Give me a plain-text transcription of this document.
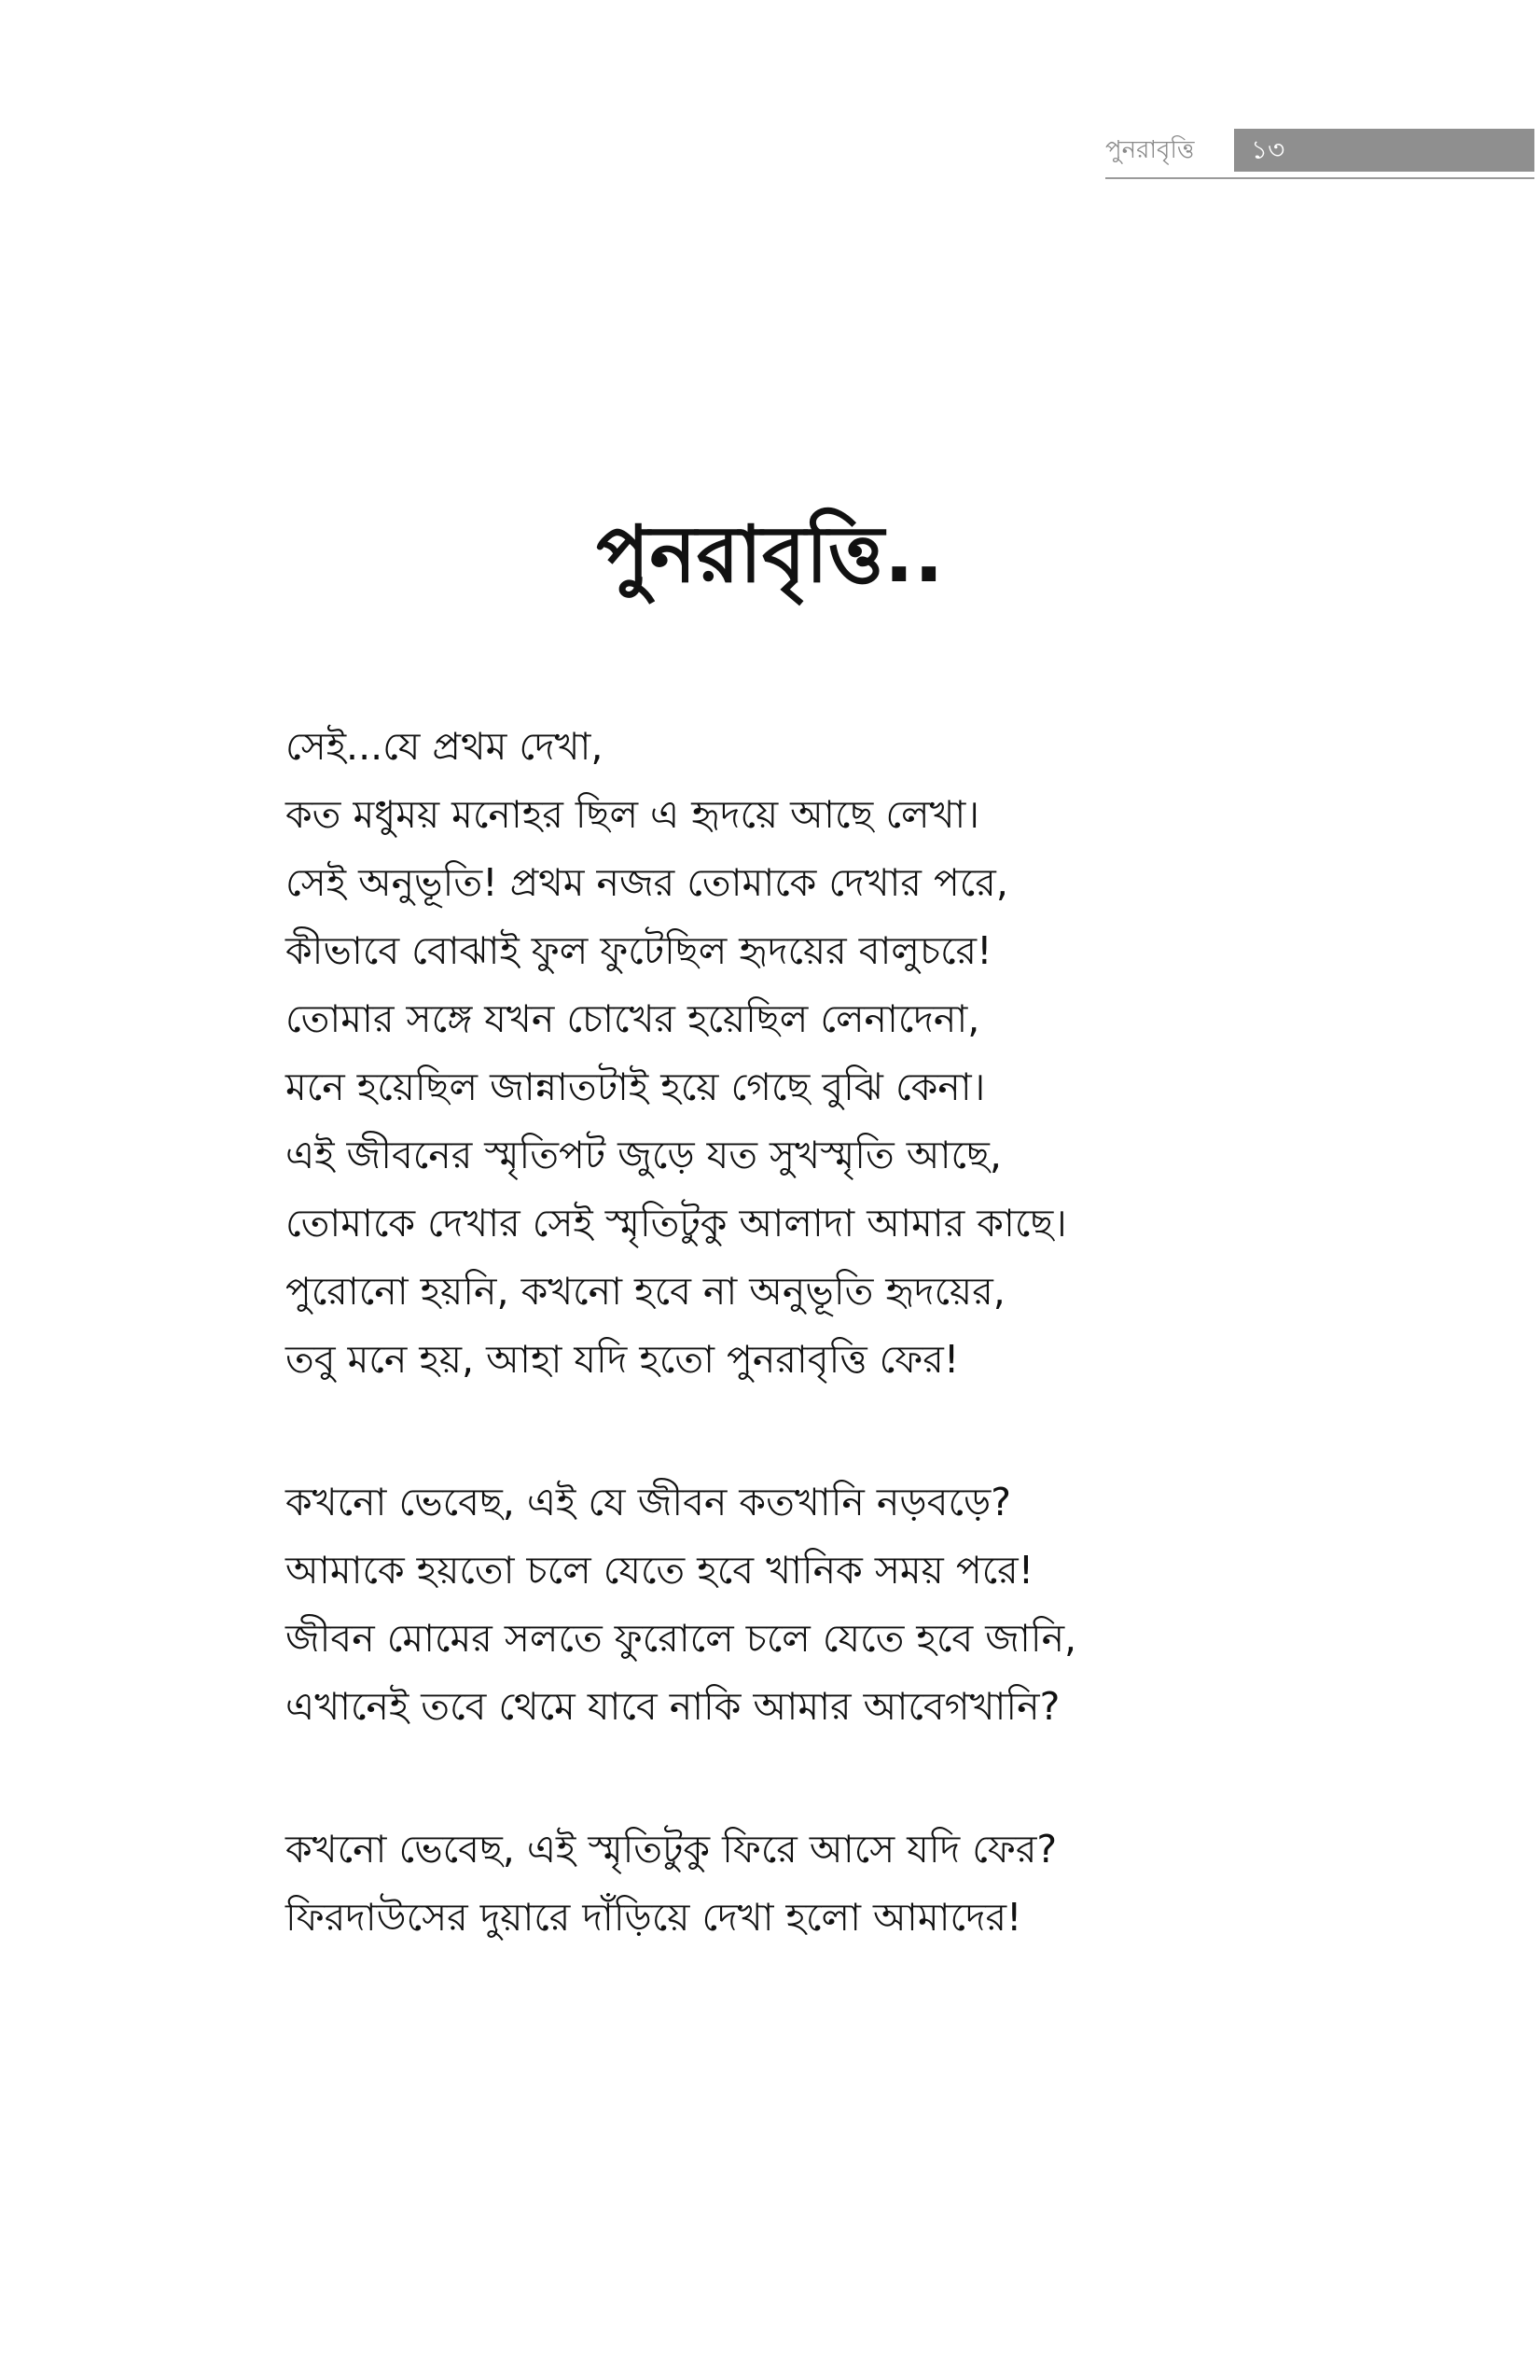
পুনরাবৃত্তি	১৩
পুনরাবৃত্তি..
সেই...যে প্রথম দেখা,
কত মধুময় মনোহর ছিল এ হৃদয়ে আছে লেখা।
সেই অনুভূতি! প্রথম নজর তোমাকে দেখার পরে,
কীভাবে বোঝাই ফুল ফুটেছিল হৃদয়ের বালুচরে!
তোমার সঙ্গে যখন চোখের হয়েছিল লেনাদেনা,
মনে হয়েছিল জান্নাতটাই হয়ে গেছে বুঝি কেনা।
এই জীবনের স্মৃতিপট জুড়ে যত সুখস্মৃতি আছে,
তোমাকে দেখার সেই স্মৃতিটুকু আলাদা আমার কাছে।
পুরোনো হয়নি, কখনো হবে না অনুভূতি হৃদয়ের,
তবু মনে হয়, আহা যদি হতো পুনরাবৃত্তি ফের!
কখনো ভেবেছ, এই যে জীবন কতখানি নড়বড়ে?
আমাকে হয়তো চলে যেতে হবে খানিক সময় পরে!
জীবন মোমের সলতে ফুরোলে চলে যেতে হবে জানি,
এখানেই তবে থেমে যাবে নাকি আমার আবেগখানি?
কখনো ভেবেছ, এই স্মৃতিটুকু ফিরে আসে যদি ফের?
ফিরদাউসের দুয়ারে দাঁড়িয়ে দেখা হলো আমাদের!
